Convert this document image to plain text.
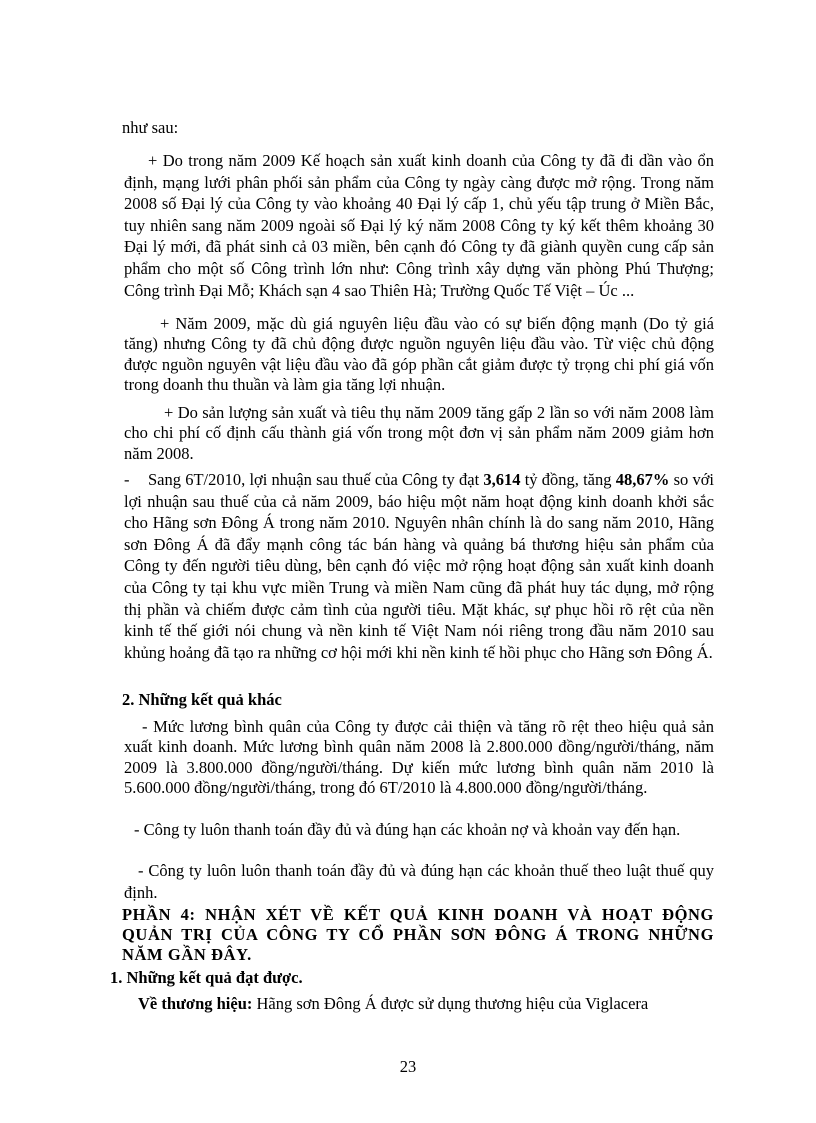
như sau:
+ Do trong năm 2009 Kế hoạch sản xuất kinh doanh của Công ty đã đi dần vào ổn định, mạng lưới phân phối sản phẩm của Công ty ngày càng được mở rộng. Trong năm 2008 số Đại lý của Công ty vào khoảng 40 Đại lý cấp 1, chủ yếu tập trung ở Miền Bắc, tuy nhiên sang năm 2009 ngoài số Đại lý ký năm 2008 Công ty ký kết thêm khoảng 30 Đại lý mới, đã phát sinh cả 03 miền, bên cạnh đó Công ty đã giành quyền cung cấp sản phẩm cho một số Công trình lớn như: Công trình xây dựng văn phòng Phú Thượng; Công trình Đại Mỗ; Khách sạn 4 sao Thiên Hà; Trường Quốc Tế Việt – Úc ...
+ Năm 2009, mặc dù giá nguyên liệu đầu vào có sự biến động mạnh (Do tỷ giá tăng) nhưng Công ty đã chủ động được nguồn nguyên liệu đầu vào. Từ việc chủ động được nguồn nguyên vật liệu đầu vào đã góp phần cắt giảm được tỷ trọng chi phí giá vốn trong doanh thu thuần và làm gia tăng lợi nhuận.
+ Do sản lượng sản xuất và tiêu thụ năm 2009 tăng gấp 2 lần so với năm 2008 làm cho chi phí cố định cấu thành giá vốn trong một đơn vị sản phẩm năm 2009 giảm hơn năm 2008.
- Sang 6T/2010, lợi nhuận sau thuế của Công ty đạt 3,614 tỷ đồng, tăng 48,67% so với lợi nhuận sau thuế của cả năm 2009, báo hiệu một năm hoạt động kinh doanh khởi sắc cho Hãng sơn Đông Á trong năm 2010. Nguyên nhân chính là do sang năm 2010, Hãng sơn Đông Á đã đẩy mạnh công tác bán hàng và quảng bá thương hiệu sản phẩm của Công ty đến người tiêu dùng, bên cạnh đó việc mở rộng hoạt động sản xuất kinh doanh của Công ty tại khu vực miền Trung và miền Nam cũng đã phát huy tác dụng, mở rộng thị phần và chiếm được cảm tình của người tiêu. Mặt khác, sự phục hồi rõ rệt của nền kinh tế thế giới nói chung và nền kinh tế Việt Nam nói riêng trong đầu năm 2010 sau khủng hoảng đã tạo ra những cơ hội mới khi nền kinh tế hồi phục cho Hãng sơn Đông Á.
2. Những kết quả khác
- Mức lương bình quân của Công ty được cải thiện và tăng rõ rệt theo hiệu quả sản xuất kinh doanh. Mức lương bình quân năm 2008 là 2.800.000 đồng/người/tháng, năm 2009 là 3.800.000 đồng/người/tháng. Dự kiến mức lương bình quân năm 2010 là 5.600.000 đồng/người/tháng, trong đó 6T/2010 là 4.800.000 đồng/người/tháng.
- Công ty luôn thanh toán đầy đủ và đúng hạn các khoản nợ và khoản vay đến hạn.
- Công ty luôn luôn thanh toán đầy đủ và đúng hạn các khoản thuế theo luật thuế quy định.
PHẦN 4: NHẬN XÉT VỀ KẾT QUẢ KINH DOANH VÀ HOẠT ĐỘNG QUẢN TRỊ CỦA CÔNG TY CỔ PHẦN SƠN ĐÔNG Á TRONG NHỮNG NĂM GẦN ĐÂY.
1. Những kết quả đạt được.
Về thương hiệu: Hãng sơn Đông Á được sử dụng thương hiệu của Viglacera
23
